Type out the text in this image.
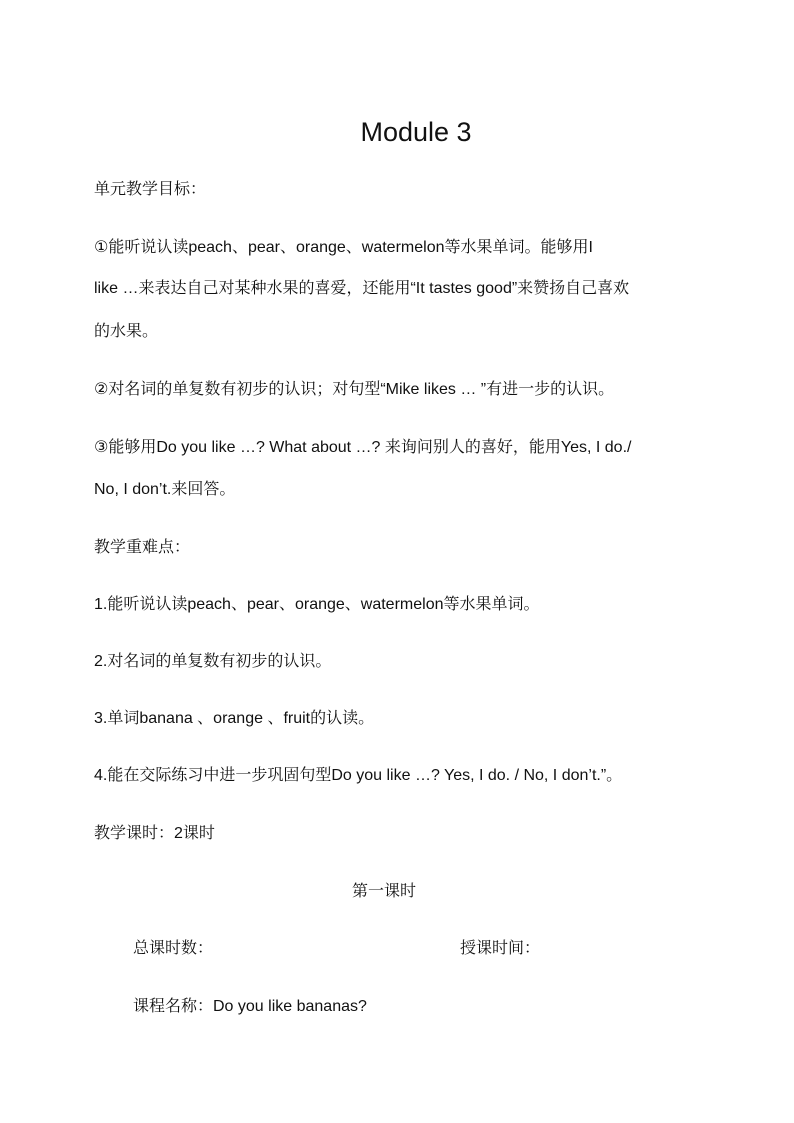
Module 3
单元教学目标：
①能听说认读peach、pear、orange、watermelon等水果单词。能够用I
like …来表达自己对某种水果的喜爱，还能用“It tastes good”来赞扬自己喜欢
的水果。
②对名词的单复数有初步的认识；对句型“Mike likes … ”有进一步的认识。
③能够用Do you like …? What about …? 来询问别人的喜好，能用Yes, I do./
No, I don’t.来回答。
教学重难点：
1.能听说认读peach、pear、orange、watermelon等水果单词。
2.对名词的单复数有初步的认识。
3.单词banana 、orange 、fruit的认读。
4.能在交际练习中进一步巩固句型Do you like …? Yes, I do. / No, I don’t.”。
教学课时：2课时
第一课时
总课时数：	授课时间：
课程名称：Do you like bananas?
